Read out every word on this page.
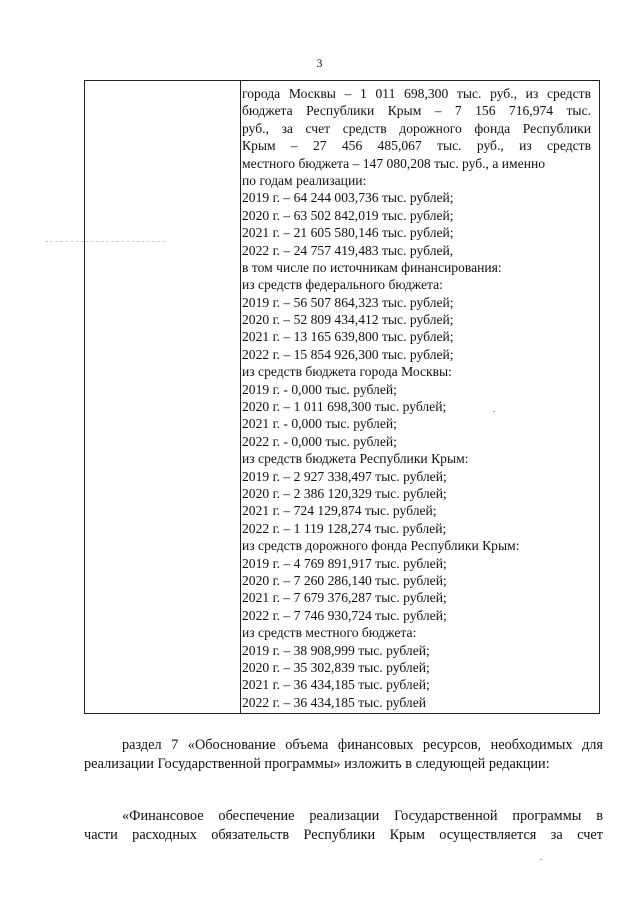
3
города Москвы – 1 011 698,300 тыс. руб., из средств
бюджета Республики Крым – 7 156 716,974 тыс.
руб., за счет средств дорожного фонда Республики
Крым – 27 456 485,067 тыс. руб., из средств
местного бюджета – 147 080,208 тыс. руб., а именно
по годам реализации:
2019 г. – 64 244 003,736 тыс. рублей;
2020 г. – 63 502 842,019 тыс. рублей;
2021 г. – 21 605 580,146 тыс. рублей;
2022 г. – 24 757 419,483 тыс. рублей,
в том числе по источникам финансирования:
из средств федерального бюджета:
2019 г. – 56 507 864,323 тыс. рублей;
2020 г. – 52 809 434,412 тыс. рублей;
2021 г. – 13 165 639,800 тыс. рублей;
2022 г. – 15 854 926,300 тыс. рублей;
из средств бюджета города Москвы:
2019 г. - 0,000 тыс. рублей;
2020 г. – 1 011 698,300 тыс. рублей;
2021 г. - 0,000 тыс. рублей;
2022 г. - 0,000 тыс. рублей;
из средств бюджета Республики Крым:
2019 г. – 2 927 338,497 тыс. рублей;
2020 г. – 2 386 120,329 тыс. рублей;
2021 г. – 724 129,874 тыс. рублей;
2022 г. – 1 119 128,274 тыс. рублей;
из средств дорожного фонда Республики Крым:
2019 г. – 4 769 891,917 тыс. рублей;
2020 г. – 7 260 286,140 тыс. рублей;
2021 г. – 7 679 376,287 тыс. рублей;
2022 г. – 7 746 930,724 тыс. рублей;
из средств местного бюджета:
2019 г. – 38 908,999 тыс. рублей;
2020 г. – 35 302,839 тыс. рублей;
2021 г. – 36 434,185 тыс. рублей;
2022 г. – 36 434,185 тыс. рублей
раздел 7 «Обоснование объема финансовых ресурсов, необходимых для
реализации Государственной программы» изложить в следующей редакции:
«Финансовое обеспечение реализации Государственной программы в
части расходных обязательств Республики Крым осуществляется за счет
